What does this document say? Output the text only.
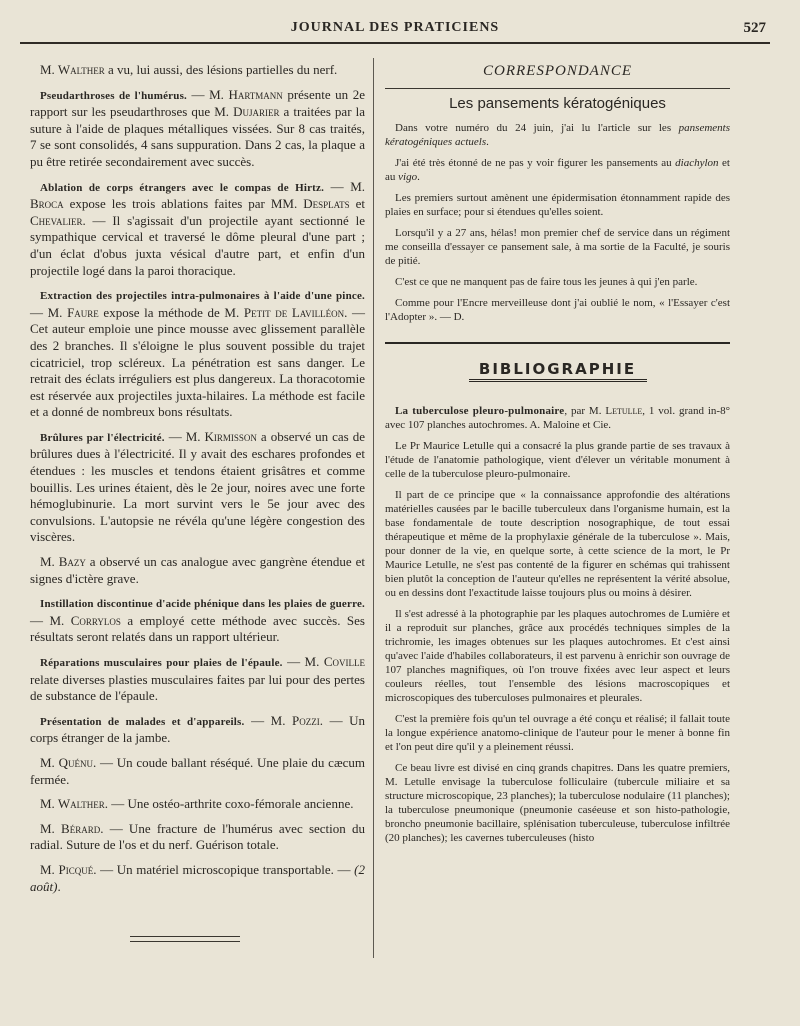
JOURNAL DES PRATICIENS	527

M. Walther a vu, lui aussi, des lésions partielles du nerf.

Pseudarthroses de l'humérus. — M. Hartmann présente un 2e rapport sur les pseudarthroses que M. Dujarier a traitées par la suture à l'aide de plaques métalliques vissées. Sur 8 cas traités, 7 se sont consolidés, 4 sans suppuration. Dans 2 cas, la plaque a pu être retirée secondairement avec succès.

Ablation de corps étrangers avec le compas de Hirtz. — M. Broca expose les trois ablations faites par MM. Desplats et Chevalier. — Il s'agissait d'un projectile ayant sectionné le sympathique cervical et traversé le dôme pleural d'une part ; d'un éclat d'obus juxta vésical d'autre part, et enfin d'un projectile logé dans la paroi thoracique.

Extraction des projectiles intra-pulmonaires à l'aide d'une pince. — M. Faure expose la méthode de M. Petit de Lavilléon. — Cet auteur emploie une pince mousse avec glissement parallèle des 2 branches. Il s'éloigne le plus souvent possible du trajet cicatriciel, trop scléreux. La pénétration est sans danger. Le retrait des éclats irréguliers est plus dangereux. La thoracotomie est réservée aux projectiles juxta-hilaires. La méthode est facile et a donné de nombreux bons résultats.

Brûlures par l'électricité. — M. Kirmisson a observé un cas de brûlures dues à l'électricité. Il y avait des eschares profondes et étendues : les muscles et tendons étaient grisâtres et comme bouillis. Les urines étaient, dès le 2e jour, noires avec une forte hémoglubinurie. La mort survint vers le 5e jour avec des convulsions. L'autopsie ne révéla qu'une légère congestion des viscères.

M. Bazy a observé un cas analogue avec gangrène étendue et signes d'ictère grave.

Instillation discontinue d'acide phénique dans les plaies de guerre. — M. Corrylos a employé cette méthode avec succès. Ses résultats seront relatés dans un rapport ultérieur.

Réparations musculaires pour plaies de l'épaule. — M. Coville relate diverses plasties musculaires faites par lui pour des pertes de substance de l'épaule.

Présentation de malades et d'appareils. — M. Pozzi. — Un corps étranger de la jambe.

M. Quénu. — Un coude ballant réséqué. Une plaie du cæcum fermée.

M. Walther. — Une ostéo-arthrite coxo-fémorale ancienne.

M. Bérard. — Une fracture de l'humérus avec section du radial. Suture de l'os et du nerf. Guérison totale.

M. Picqué. — Un matériel microscopique transportable. — (2 août).

CORRESPONDANCE
Les pansements kératogéniques

Dans votre numéro du 24 juin, j'ai lu l'article sur les pansements kératogéniques actuels.

J'ai été très étonné de ne pas y voir figurer les pansements au diachylon et au vigo.

Les premiers surtout amènent une épidermisation étonnamment rapide des plaies en surface; pour si étendues qu'elles soient.

Lorsqu'il y a 27 ans, hélas! mon premier chef de service dans un régiment me conseilla d'essayer ce pansement sale, à ma sortie de la Faculté, je souris de pitié.

C'est ce que ne manquent pas de faire tous les jeunes à qui j'en parle.

Comme pour l'Encre merveilleuse dont j'ai oublié le nom, « l'Essayer c'est l'Adopter ». — D.

BIBLIOGRAPHIE

La tuberculose pleuro-pulmonaire, par M. Letulle, 1 vol. grand in-8° avec 107 planches autochromes. A. Maloine et Cie.

Le Pr Maurice Letulle qui a consacré la plus grande partie de ses travaux à l'étude de l'anatomie pathologique, vient d'élever un véritable monument à celle de la tuberculose pleuro-pulmonaire.

Il part de ce principe que « la connaissance approfondie des altérations matérielles causées par le bacille tuberculeux dans l'organisme humain, est la base fondamentale de toute description nosographique, de tout essai thérapeutique et même de la prophylaxie générale de la tuberculose ». Mais, pour donner de la vie, en quelque sorte, à cette science de la mort, le Pr Maurice Letulle, ne s'est pas contenté de la figurer en schémas qui trahissent bien plutôt la conception de l'auteur qu'elles ne représentent la vérité absolue, ou en dessins dont l'exactitude laisse toujours plus ou moins à désirer.

Il s'est adressé à la photographie par les plaques autochromes de Lumière et il a reproduit sur planches, grâce aux procédés techniques simples de la trichromie, les images obtenues sur les plaques autochromes. Et c'est ainsi qu'avec l'aide d'habiles collaborateurs, il est parvenu à enrichir son ouvrage de 107 planches magnifiques, où l'on trouve fixées avec leur aspect et leurs couleurs réelles, tout l'ensemble des lésions macroscopiques et microscopiques des tuberculoses pulmonaires et pleurales.

C'est la première fois qu'un tel ouvrage a été conçu et réalisé; il fallait toute la longue expérience anatomo-clinique de l'auteur pour le mener à bonne fin et l'on peut dire qu'il y a pleinement réussi.

Ce beau livre est divisé en cinq grands chapitres. Dans les quatre premiers, M. Letulle envisage la tuberculose folliculaire (tubercule miliaire et sa structure microscopique, 23 planches); la tuberculose nodulaire (11 planches); la tuberculose pneumonique (pneumonie caséeuse et son histo-pathologie, broncho pneumonie bacillaire, splénisation tuberculeuse, tuberculose infiltrée (20 planches); les cavernes tuberculeuses (histo
